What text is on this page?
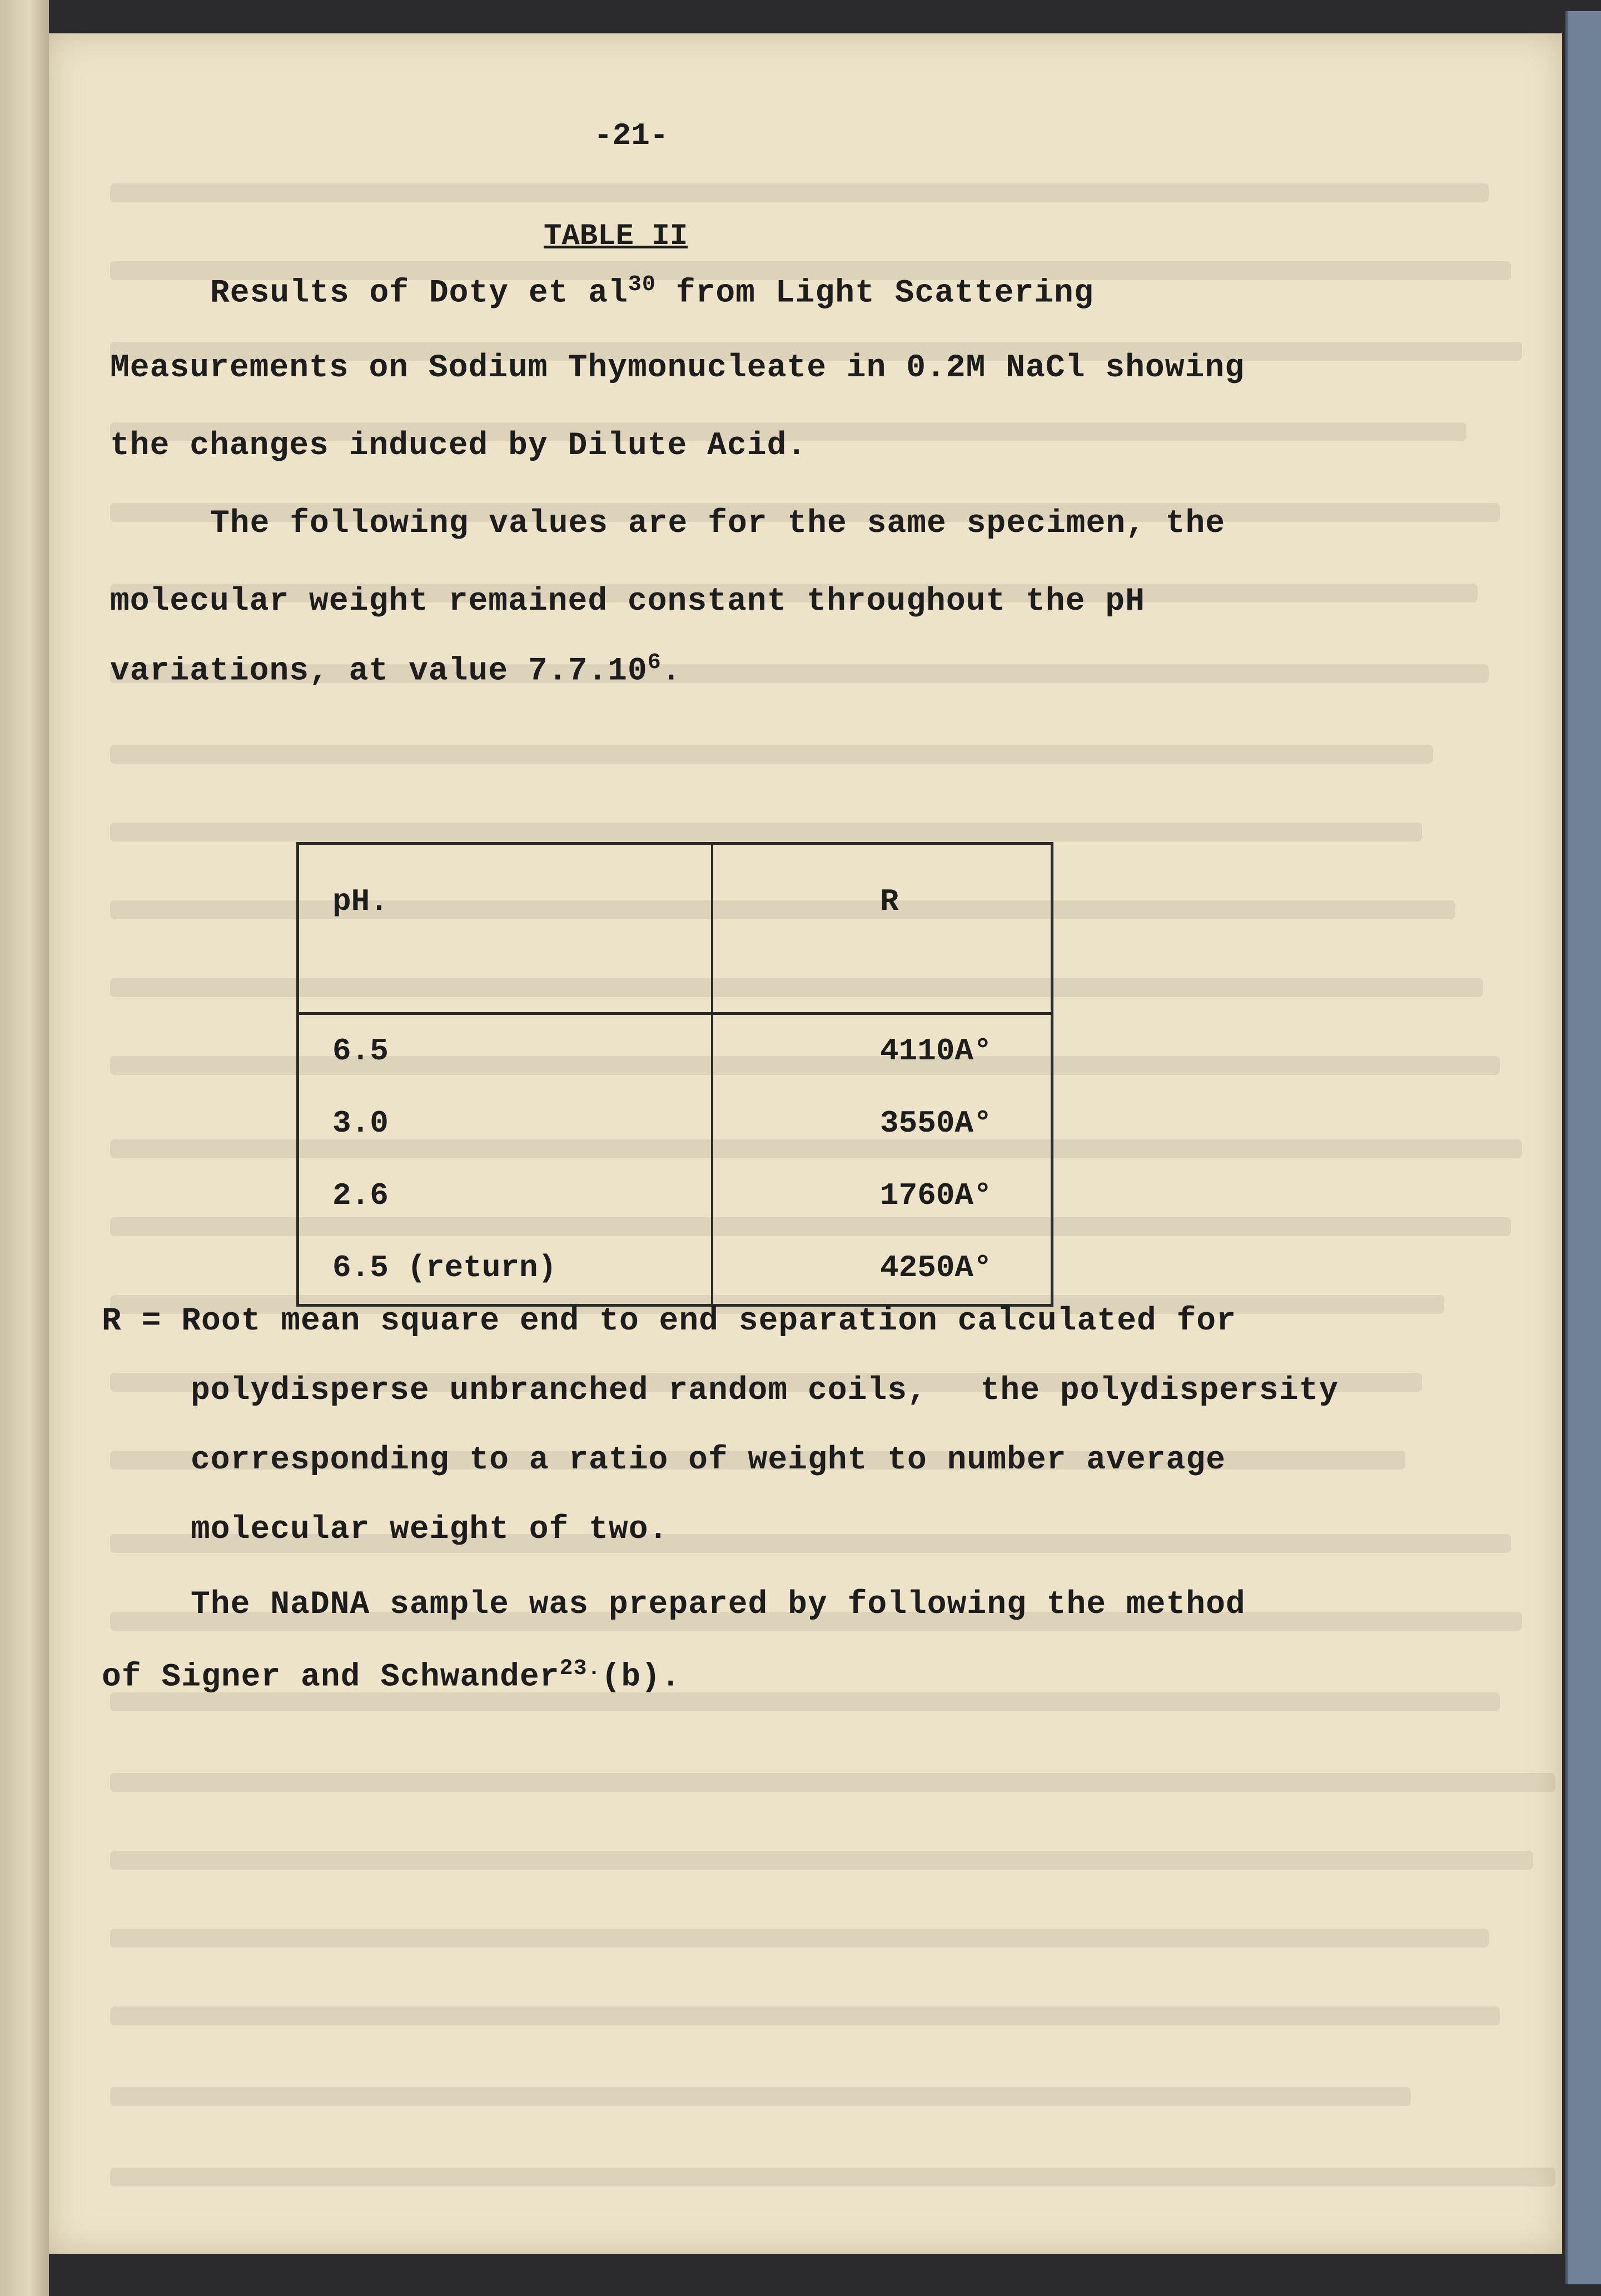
-21-
TABLE II
Results of Doty et $al^{30}$ from Light Scattering
Measurements on Sodium Thymonucleate in 0.2M NaCl showing
the changes induced by Dilute Acid.
The following values are for the same specimen, the
molecular weight remained constant throughout the pH
variations, at value 7.7.10$^6$.
pH.	R
6.5	4110A°
3.0	3550A°
2.6	1760A°
6.5 (return)	4250A°
R = Root mean square end to end separation calculated for
polydisperse unbranched random coils, the polydispersity
corresponding to a ratio of weight to number average
molecular weight of two.
The NaDNA sample was prepared by following the method
of Signer and Schwander$^{23.}$(b).
